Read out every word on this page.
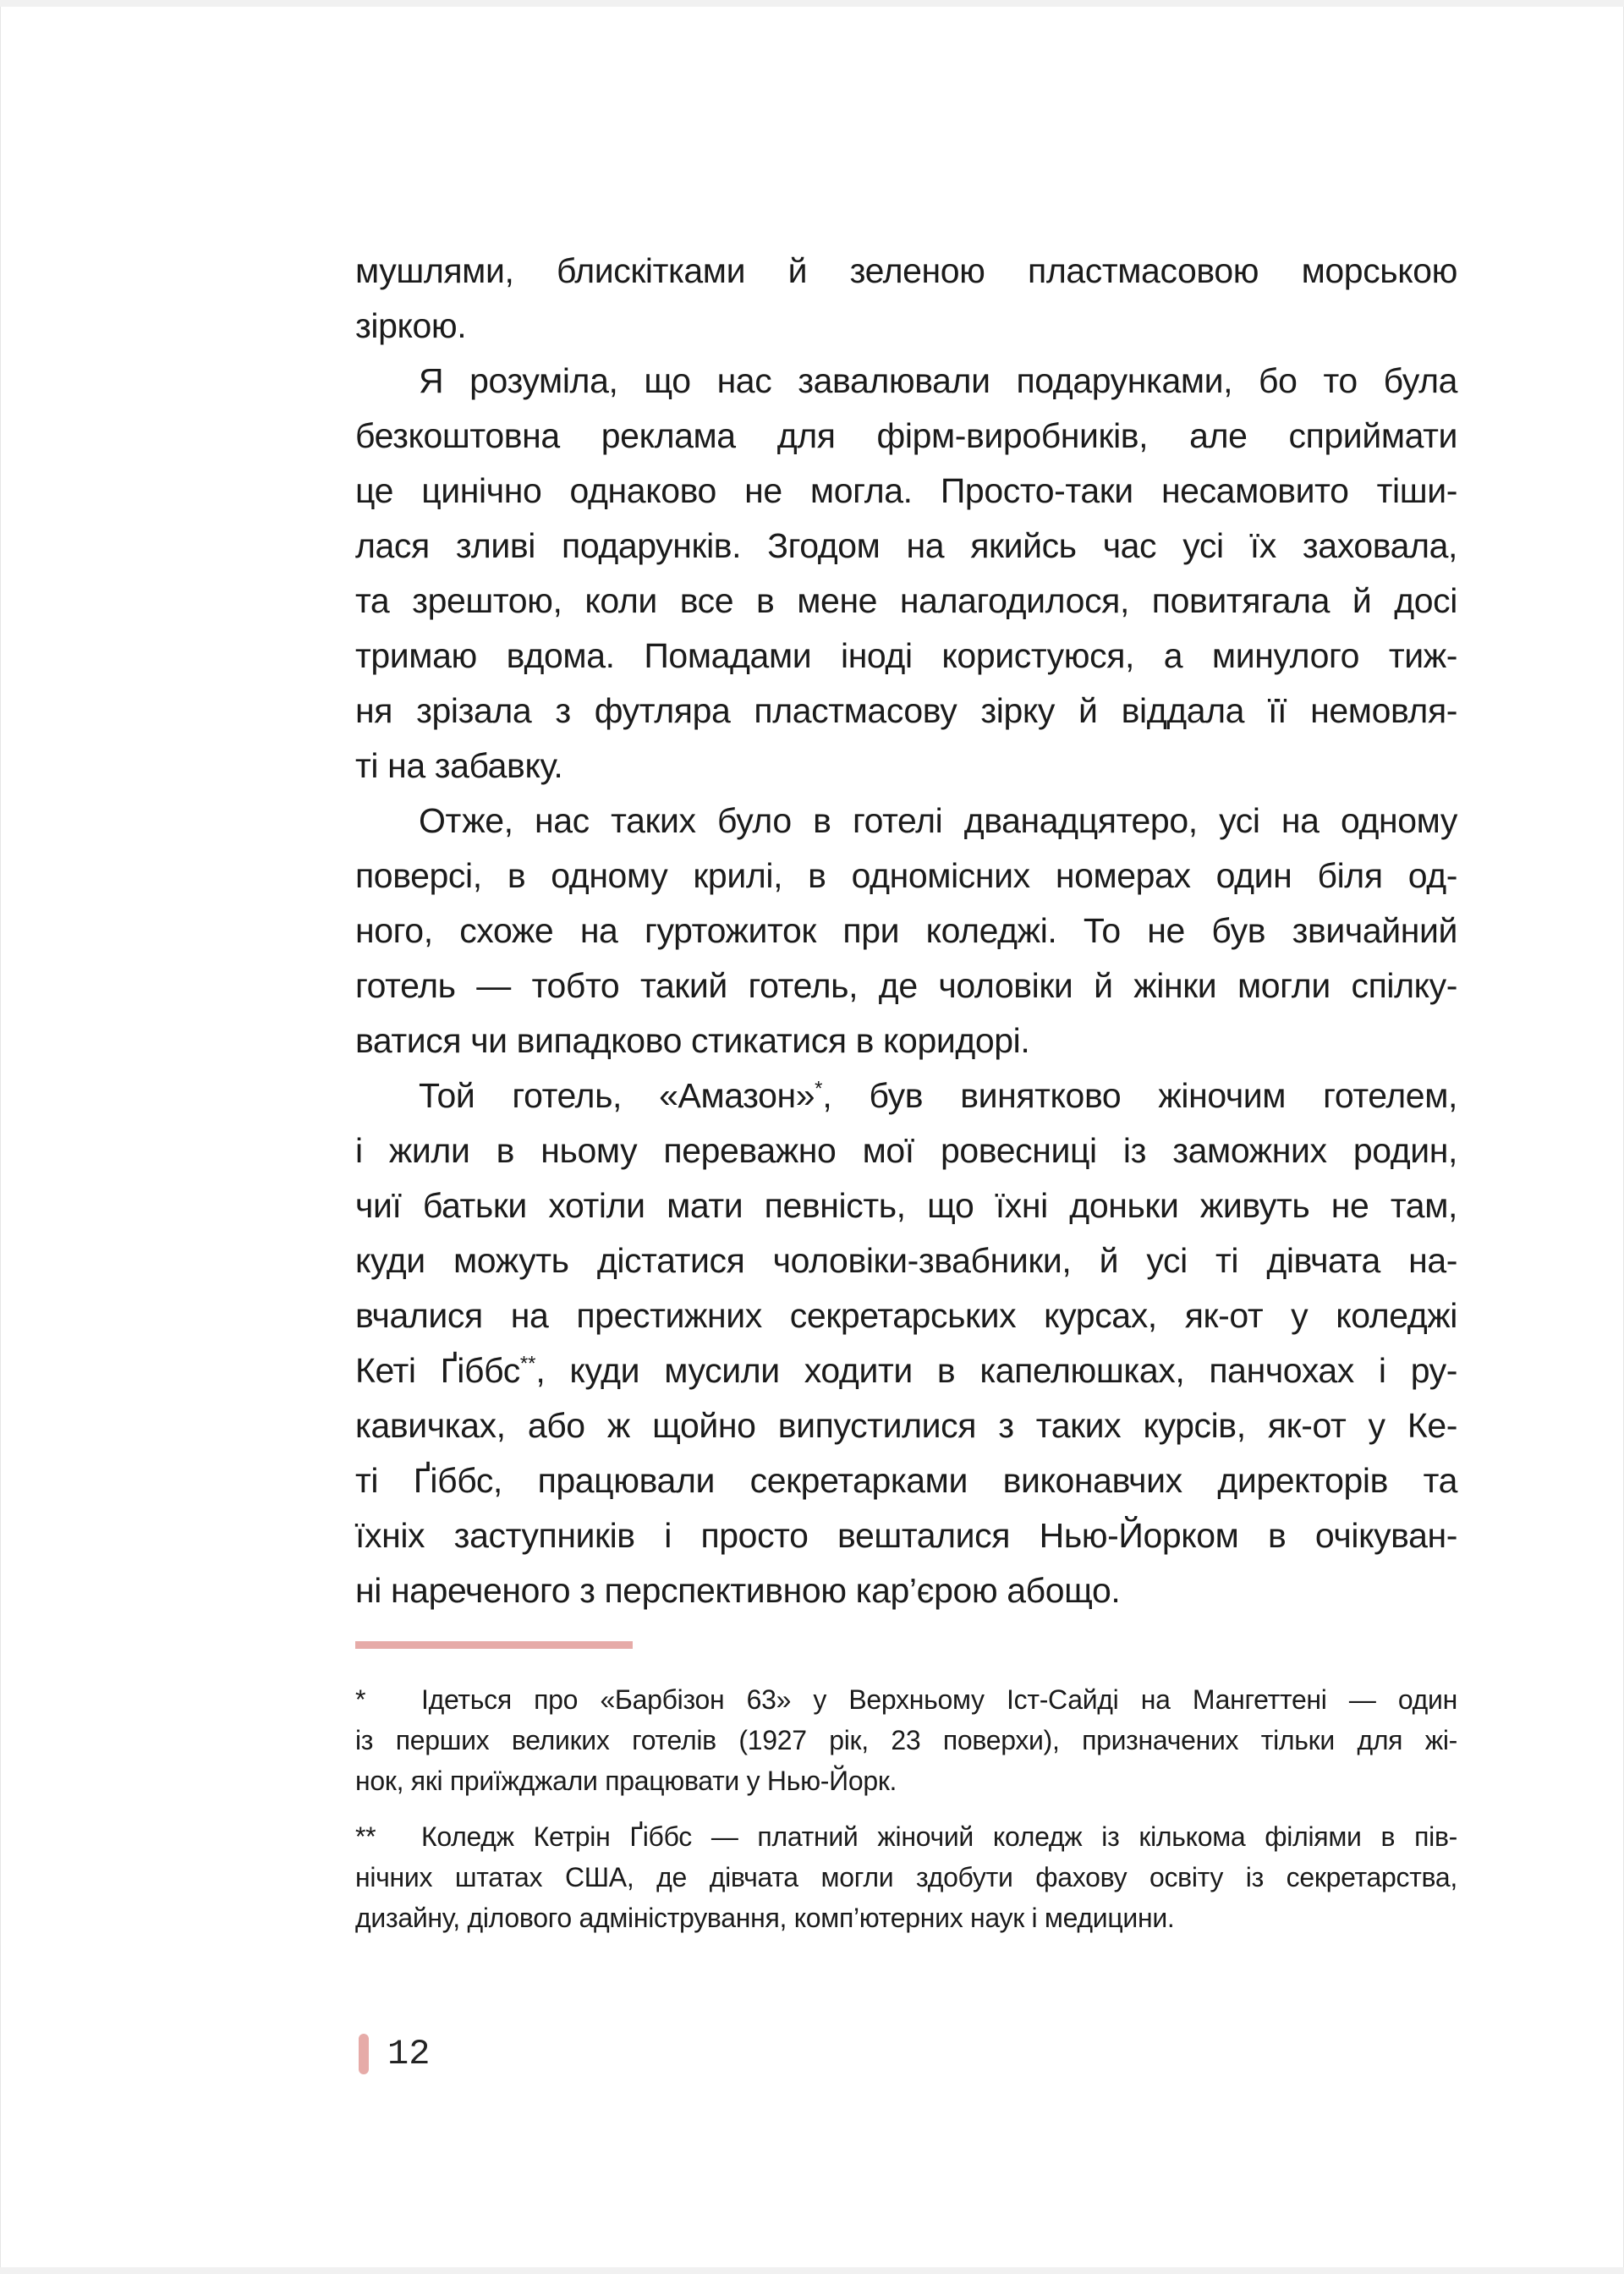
мушлями, блискітками й зеленою пластмасовою морською
зіркою.
Я розуміла, що нас завалювали подарунками, бо то була
безкоштовна реклама для фірм-виробників, але сприймати
це цинічно однаково не могла. Просто-таки несамовито тіши-
лася зливі подарунків. Згодом на якийсь час усі їх заховала,
та зрештою, коли все в мене налагодилося, повитягала й досі
тримаю вдома. Помадами іноді користуюся, а минулого тиж-
ня зрізала з футляра пластмасову зірку й віддала її немовля-
ті на забавку.
Отже, нас таких було в готелі дванадцятеро, усі на одному
поверсі, в одному крилі, в одномісних номерах один біля од-
ного, схоже на гуртожиток при коледжі. То не був звичайний
готель — тобто такий готель, де чоловіки й жінки могли спілку-
ватися чи випадково стикатися в коридорі.
Той готель, «Амазон»*, був винятково жіночим готелем,
і жили в ньому переважно мої ровесниці із заможних родин,
чиї батьки хотіли мати певність, що їхні доньки живуть не там,
куди можуть дістатися чоловіки-звабники, й усі ті дівчата на-
вчалися на престижних секретарських курсах, як-от у коледжі
Кеті Ґіббс**, куди мусили ходити в капелюшках, панчохах і ру-
кавичках, або ж щойно випустилися з таких курсів, як-от у Ке-
ті Ґіббс, працювали секретарками виконавчих директорів та
їхніх заступників і просто вешталися Нью-Йорком в очікуван-
ні нареченого з перспективною кар’єрою абощо.
* Ідеться про «Барбізон 63» у Верхньому Іст-Сайді на Мангеттені — один
із перших великих готелів (1927 рік, 23 поверхи), призначених тільки для жі-
нок, які приїжджали працювати у Нью-Йорк.
** Коледж Кетрін Ґіббс — платний жіночий коледж із кількома філіями в пів-
нічних штатах США, де дівчата могли здобути фахову освіту із секретарства,
дизайну, ділового адміністрування, комп’ютерних наук і медицини.
12
